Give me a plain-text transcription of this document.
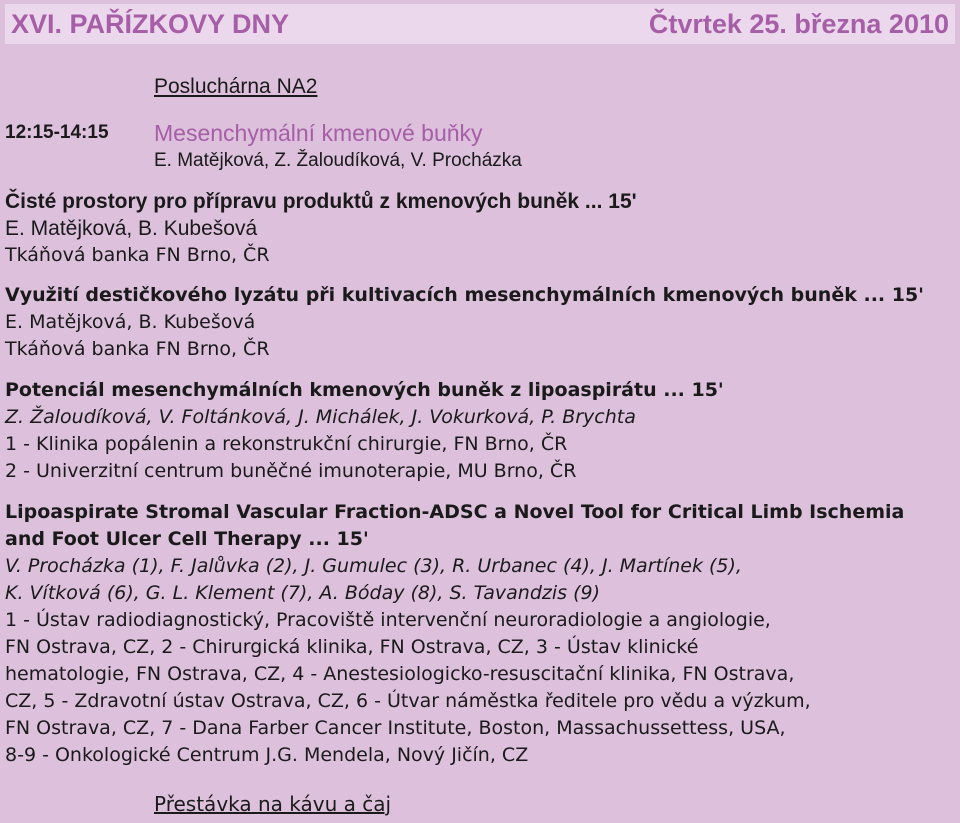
XVI. PAŘÍZKOVY DNY	Čtvrtek 25. března 2010
Posluchárna NA2
12:15-14:15	Mesenchymální kmenové buňky
E. Matějková, Z. Žaloudíková, V. Procházka
Čisté prostory pro přípravu produktů z kmenových buněk ... 15'
E. Matějková, B. Kubešová
Tkáňová banka FN Brno, ČR
Využití destičkového lyzátu při kultivacích mesenchymálních kmenových buněk ... 15'
E. Matějková, B. Kubešová
Tkáňová banka FN Brno, ČR
Potenciál mesenchymálních kmenových buněk z lipoaspirátu ... 15'
Z. Žaloudíková, V. Foltánková, J. Michálek, J. Vokurková, P. Brychta
1 - Klinika popálenin a rekonstrukční chirurgie, FN Brno, ČR
2 - Univerzitní centrum buněčné imunoterapie, MU Brno, ČR
Lipoaspirate Stromal Vascular Fraction-ADSC a Novel Tool for Critical Limb Ischemia
and Foot Ulcer Cell Therapy ... 15'
V. Procházka (1), F. Jalůvka (2), J. Gumulec (3), R. Urbanec (4), J. Martínek (5),
K. Vítková (6), G. L. Klement (7), A. Bóday (8), S. Tavandzis (9)
1 - Ústav radiodiagnostický, Pracoviště intervenční neuroradiologie a angiologie,
FN Ostrava, CZ, 2 - Chirurgická klinika, FN Ostrava, CZ, 3 - Ústav klinické
hematologie, FN Ostrava, CZ, 4 - Anestesiologicko-resuscitační klinika, FN Ostrava,
CZ, 5 - Zdravotní ústav Ostrava, CZ, 6 - Útvar náměstka ředitele pro vědu a výzkum,
FN Ostrava, CZ, 7 - Dana Farber Cancer Institute, Boston, Massachussettess, USA,
8-9 - Onkologické Centrum J.G. Mendela, Nový Jičín, CZ
Přestávka na kávu a čaj
